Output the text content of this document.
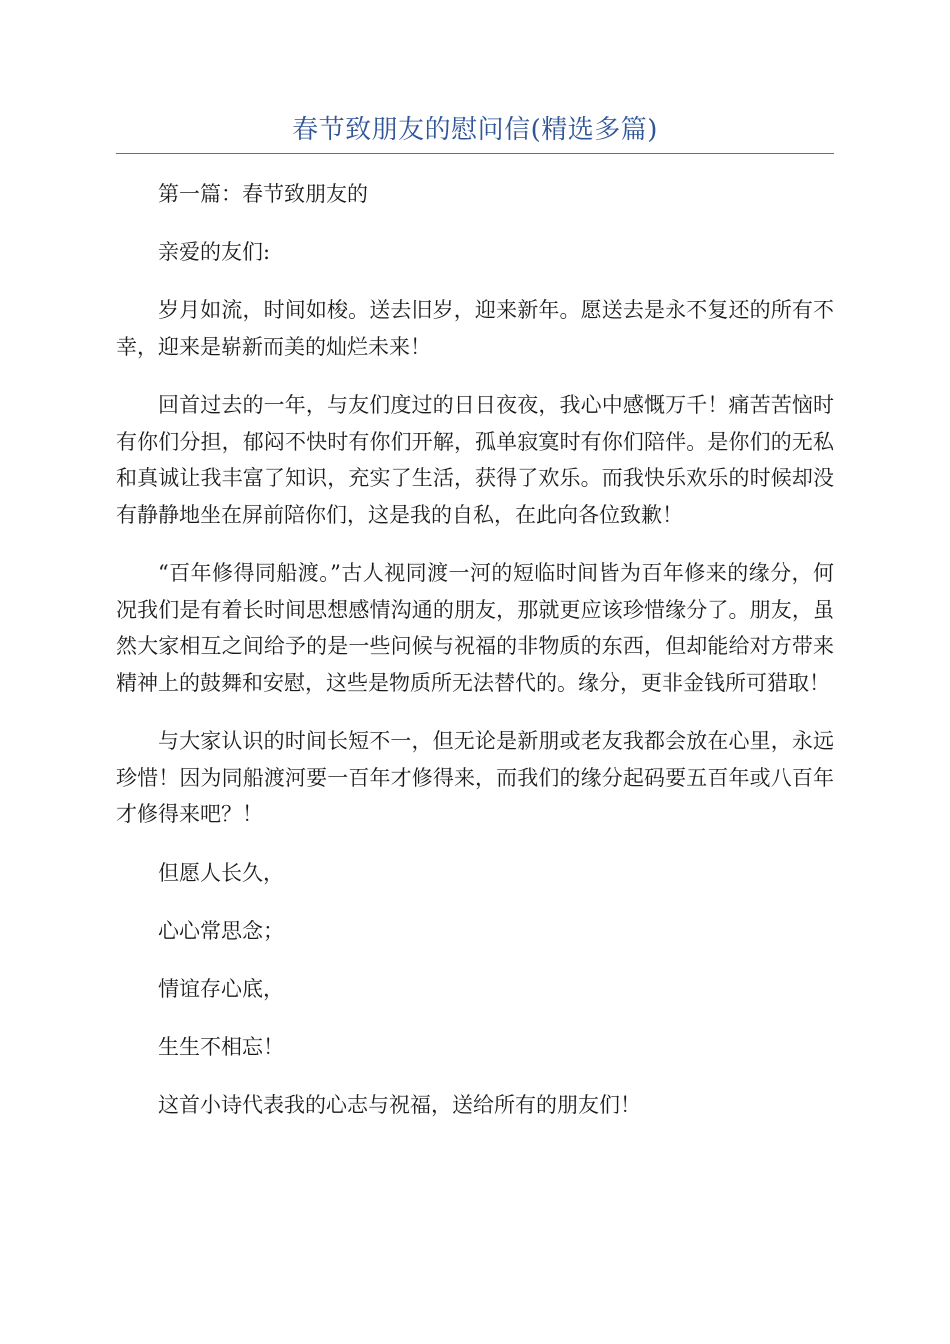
春节致朋友的慰问信(精选多篇)

第一篇：春节致朋友的

亲爱的友们:

岁月如流，时间如梭。送去旧岁，迎来新年。愿送去是永不复还的所有不幸，迎来是崭新而美的灿烂未来！

回首过去的一年，与友们度过的日日夜夜，我心中感慨万千！痛苦苦恼时有你们分担，郁闷不快时有你们开解，孤单寂寞时有你们陪伴。是你们的无私和真诚让我丰富了知识，充实了生活，获得了欢乐。而我快乐欢乐的时候却没有静静地坐在屏前陪你们，这是我的自私，在此向各位致歉！

“百年修得同船渡。”古人视同渡一河的短临时间皆为百年修来的缘分，何况我们是有着长时间思想感情沟通的朋友，那就更应该珍惜缘分了。朋友，虽然大家相互之间给予的是一些问候与祝福的非物质的东西，但却能给对方带来精神上的鼓舞和安慰，这些是物质所无法替代的。缘分，更非金钱所可猎取！

与大家认识的时间长短不一，但无论是新朋或老友我都会放在心里，永远珍惜！因为同船渡河要一百年才修得来，而我们的缘分起码要五百年或八百年才修得来吧？！

但愿人长久，

心心常思念；

情谊存心底，

生生不相忘！

这首小诗代表我的心志与祝福，送给所有的朋友们！
